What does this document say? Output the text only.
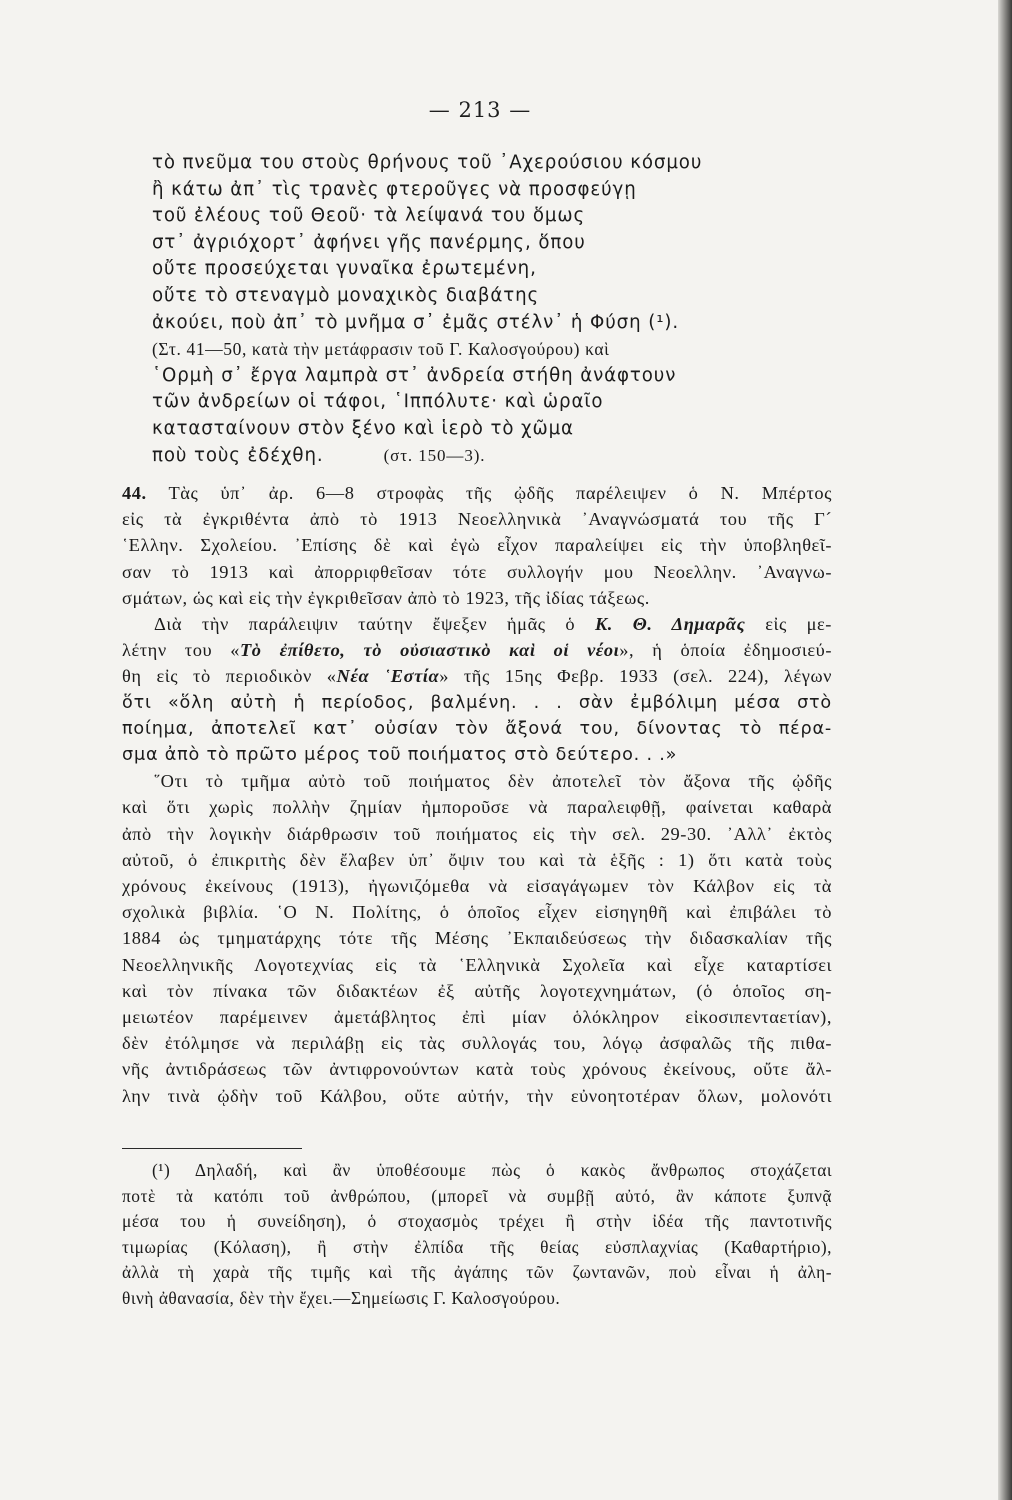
— 213 —
τὸ πνεῦμα του στοὺς θρήνους τοῦ ᾿Αχερούσιου κόσμου
ἢ κάτω ἀπ᾿ τὶς τρανὲς φτεροῦγες νὰ προσφεύγῃ
τοῦ ἐλέους τοῦ Θεοῦ· τὰ λείψανά του ὅμως
στ᾿ ἀγριόχορτ᾿ ἀφήνει γῆς πανέρμης, ὅπου
οὔτε προσεύχεται γυναῖκα ἐρωτεμένη,
οὔτε τὸ στεναγμὸ μοναχικὸς διαβάτης
ἀκούει, ποὺ ἀπ᾿ τὸ μνῆμα σ᾿ ἐμᾶς στέλν᾿ ἡ Φύση (¹).
(Στ. 41—50, κατὰ τὴν μετάφρασιν τοῦ Γ. Καλοσγούρου) καὶ
῾Ορμὴ σ᾿ ἔργα λαμπρὰ στ᾿ ἀνδρεία στήθη ἀνάφτουν
τῶν ἀνδρείων οἱ τάφοι, ῾Ιππόλυτε· καὶ ὡραῖο
κατασταίνουν στὸν ξένο καὶ ἱερὸ τὸ χῶμα
ποὺ τοὺς ἐδέχθη.	(στ. 150—3).
44. Τὰς ὑπ᾿ ἀρ. 6—8 στροφὰς τῆς ᾠδῆς παρέλειψεν ὁ Ν. Μπέρτος
εἰς τὰ ἐγκριθέντα ἀπὸ τὸ 1913 Νεοελληνικὰ ᾿Αναγνώσματά του τῆς Γ´
῾Ελλην. Σχολείου. ᾿Επίσης δὲ καὶ ἐγὼ εἶχον παραλείψει εἰς τὴν ὑποβληθεῖ-
σαν τὸ 1913 καὶ ἀπορριφθεῖσαν τότε συλλογήν μου Νεοελλην. ᾿Αναγνω-
σμάτων, ὡς καὶ εἰς τὴν ἐγκριθεῖσαν ἀπὸ τὸ 1923, τῆς ἰδίας τάξεως.
Διὰ τὴν παράλειψιν ταύτην ἔψεξεν ἡμᾶς ὁ Κ. Θ. Δημαρᾶς εἰς με-
λέτην του «Τὸ ἐπίθετο, τὸ οὐσιαστικὸ καὶ οἱ νέοι», ἡ ὁποία ἐδημοσιεύ-
θη εἰς τὸ περιοδικὸν «Νέα ῾Εστία» τῆς 15ης Φεβρ. 1933 (σελ. 224), λέγων
ὅτι «ὅλη αὐτὴ ἡ περίοδος, βαλμένη. . . σὰν ἐμβόλιμη μέσα στὸ
ποίημα, ἀποτελεῖ κατ᾿ οὐσίαν τὸν ἄξονά του, δίνοντας τὸ πέρα-
σμα ἀπὸ τὸ πρῶτο μέρος τοῦ ποιήματος στὸ δεύτερο. . .»
῞Οτι τὸ τμῆμα αὐτὸ τοῦ ποιήματος δὲν ἀποτελεῖ τὸν ἄξονα τῆς ᾠδῆς
καὶ ὅτι χωρὶς πολλὴν ζημίαν ἠμποροῦσε νὰ παραλειφθῇ, φαίνεται καθαρὰ
ἀπὸ τὴν λογικὴν διάρθρωσιν τοῦ ποιήματος εἰς τὴν σελ. 29-30. ᾿Αλλ᾿ ἐκτὸς
αὐτοῦ, ὁ ἐπικριτὴς δὲν ἔλαβεν ὑπ᾿ ὄψιν του καὶ τὰ ἑξῆς : 1) ὅτι κατὰ τοὺς
χρόνους ἐκείνους (1913), ἠγωνιζόμεθα νὰ εἰσαγάγωμεν τὸν Κάλβον εἰς τὰ
σχολικὰ βιβλία. ῾Ο Ν. Πολίτης, ὁ ὁποῖος εἶχεν εἰσηγηθῆ καὶ ἐπιβάλει τὸ
1884 ὡς τμηματάρχης τότε τῆς Μέσης ᾿Εκπαιδεύσεως τὴν διδασκαλίαν τῆς
Νεοελληνικῆς Λογοτεχνίας εἰς τὰ ῾Ελληνικὰ Σχολεῖα καὶ εἶχε καταρτίσει
καὶ τὸν πίνακα τῶν διδακτέων ἐξ αὐτῆς λογοτεχνημάτων, (ὁ ὁποῖος ση-
μειωτέον παρέμεινεν ἀμετάβλητος ἐπὶ μίαν ὁλόκληρον εἰκοσιπενταετίαν),
δὲν ἐτόλμησε νὰ περιλάβῃ εἰς τὰς συλλογάς του, λόγῳ ἀσφαλῶς τῆς πιθα-
νῆς ἀντιδράσεως τῶν ἀντιφρονούντων κατὰ τοὺς χρόνους ἐκείνους, οὔτε ἄλ-
λην τινὰ ᾠδὴν τοῦ Κάλβου, οὔτε αὐτήν, τὴν εὐνοητοτέραν ὅλων, μολονότι
(¹) Δηλαδή, καὶ ἂν ὑποθέσουμε πὼς ὁ κακὸς ἄνθρωπος στοχάζεται
ποτὲ τὰ κατόπι τοῦ ἀνθρώπου, (μπορεῖ νὰ συμβῇ αὐτό, ἂν κάποτε ξυπνᾷ
μέσα του ἡ συνείδηση), ὁ στοχασμὸς τρέχει ἢ στὴν ἰδέα τῆς παντοτινῆς
τιμωρίας (Κόλαση), ἢ στὴν ἐλπίδα τῆς θείας εὐσπλαχνίας (Καθαρτήριο),
ἀλλὰ τὴ χαρὰ τῆς τιμῆς καὶ τῆς ἀγάπης τῶν ζωντανῶν, ποὺ εἶναι ἡ ἀλη-
θινὴ ἀθανασία, δὲν τὴν ἔχει.—Σημείωσις Γ. Καλοσγούρου.
